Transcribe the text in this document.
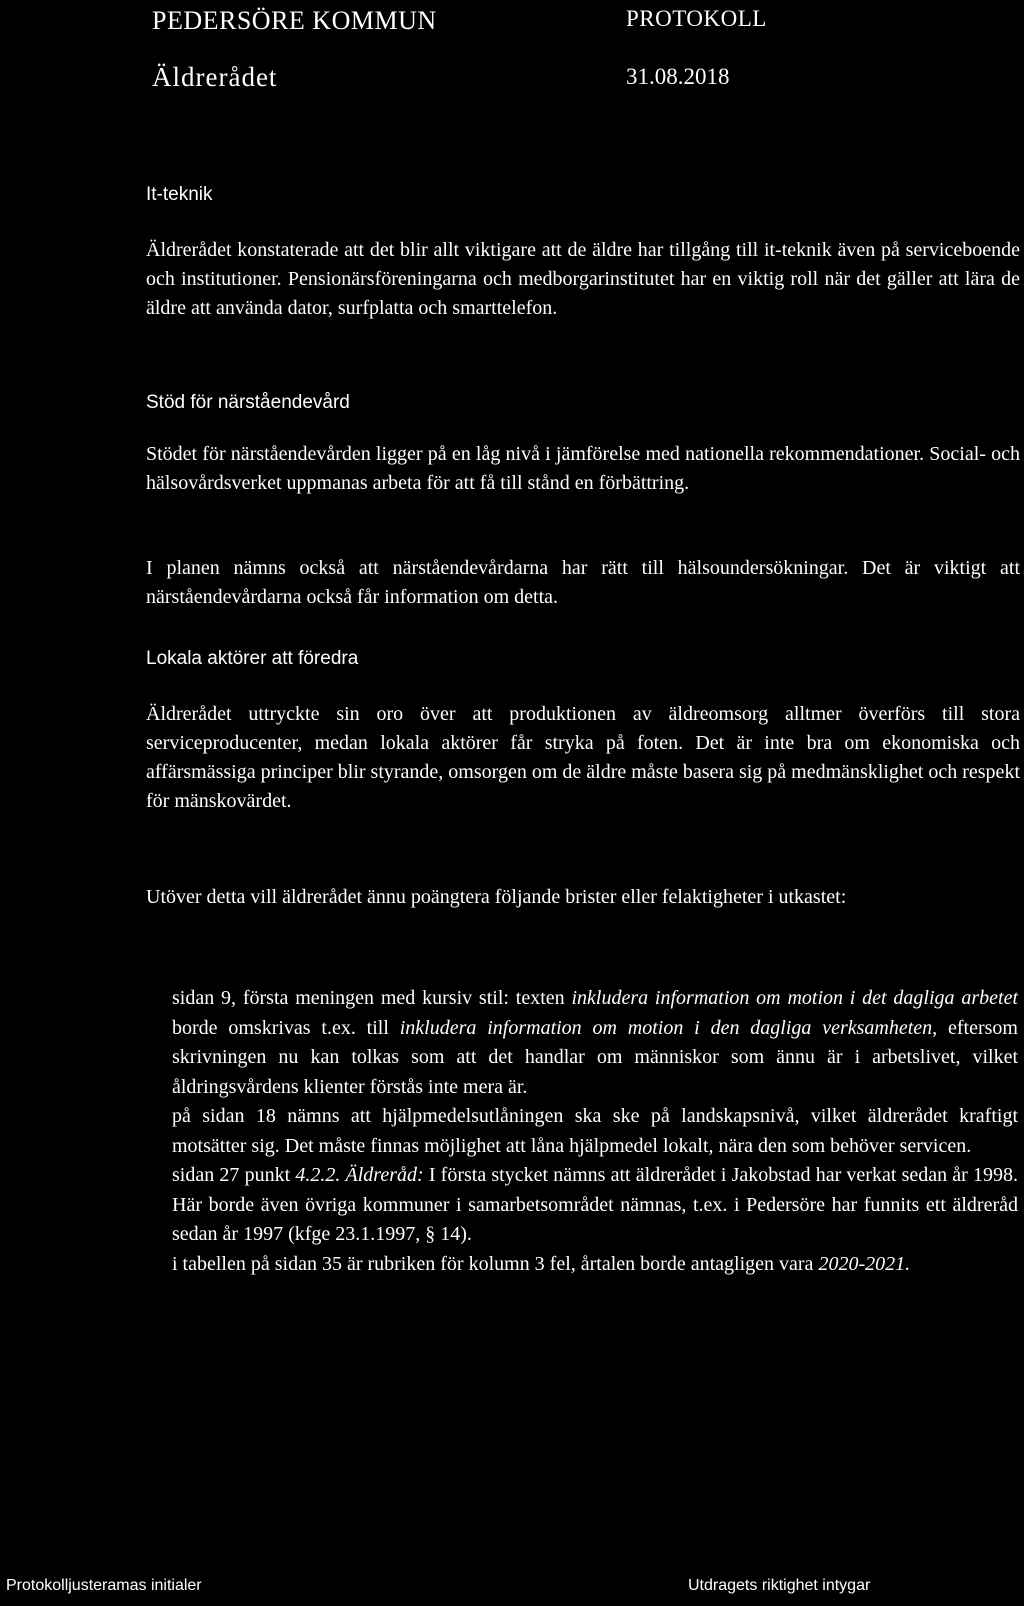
PEDERSÖRE KOMMUN	PROTOKOLL
Äldrerådet	31.08.2018
It-teknik

Äldrerådet konstaterade att det blir allt viktigare att de äldre har tillgång till it-teknik även på serviceboende och institutioner. Pensionärsföreningarna och medborgarinstitutet har en viktig roll när det gäller att lära de äldre att använda dator, surfplatta och smarttelefon.

Stöd för närståendevård

Stödet för närståendevården ligger på en låg nivå i jämförelse med nationella rekommendationer. Social- och hälsovårdsverket uppmanas arbeta för att få till stånd en förbättring.

I planen nämns också att närståendevårdarna har rätt till hälsoundersökningar. Det är viktigt att närståendevårdarna också får information om detta.

Lokala aktörer att föredra

Äldrerådet uttryckte sin oro över att produktionen av äldreomsorg alltmer överförs till stora serviceproducenter, medan lokala aktörer får stryka på foten. Det är inte bra om ekonomiska och affärsmässiga principer blir styrande, omsorgen om de äldre måste basera sig på medmänsklighet och respekt för mänskovärdet.

Utöver detta vill äldrerådet ännu poängtera följande brister eller felaktigheter i utkastet:

sidan 9, första meningen med kursiv stil: texten inkludera information om motion i det dagliga arbetet borde omskrivas t.ex. till inkludera information om motion i den dagliga verksamheten, eftersom skrivningen nu kan tolkas som att det handlar om människor som ännu är i arbetslivet, vilket åldringsvårdens klienter förstås inte mera är.

på sidan 18 nämns att hjälpmedelsutlåningen ska ske på landskapsnivå, vilket äldrerådet kraftigt motsätter sig. Det måste finnas möjlighet att låna hjälpmedel lokalt, nära den som behöver servicen.

sidan 27 punkt 4.2.2. Äldreråd: I första stycket nämns att äldrerådet i Jakobstad har verkat sedan år 1998. Här borde även övriga kommuner i samarbetsområdet nämnas, t.ex. i Pedersöre har funnits ett äldreråd sedan år 1997 (kfge 23.1.1997, § 14).

i tabellen på sidan 35 är rubriken för kolumn 3 fel, årtalen borde antagligen vara 2020-2021.

Protokolljusteramas initialer	Utdragets riktighet intygar
